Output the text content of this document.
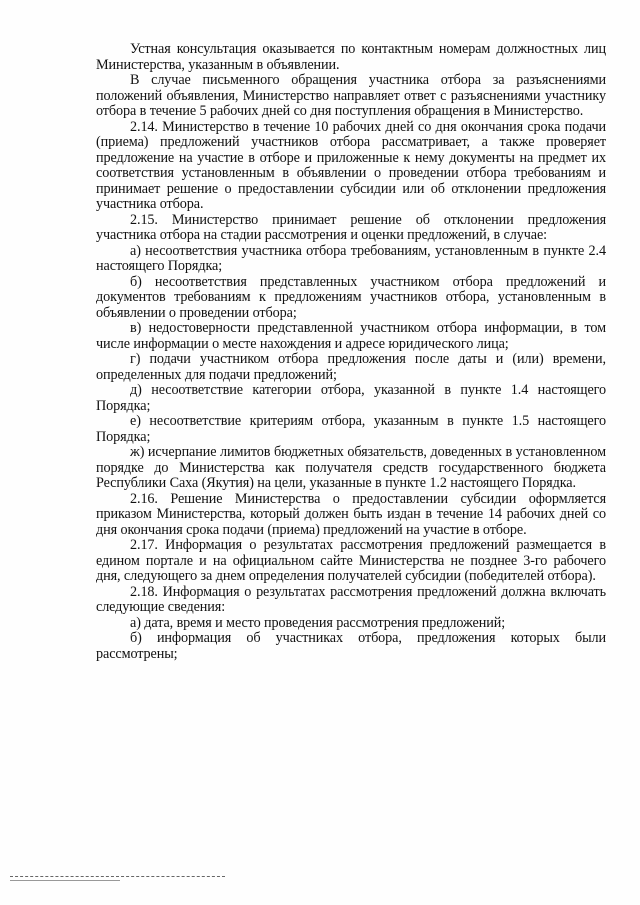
Устная консультация оказывается по контактным номерам должностных лиц Министерства, указанным в объявлении.

В случае письменного обращения участника отбора за разъяснениями положений объявления, Министерство направляет ответ с разъяснениями участнику отбора в течение 5 рабочих дней со дня поступления обращения в Министерство.

2.14. Министерство в течение 10 рабочих дней со дня окончания срока подачи (приема) предложений участников отбора рассматривает, а также проверяет предложение на участие в отборе и приложенные к нему документы на предмет их соответствия установленным в объявлении о проведении отбора требованиям и принимает решение о предоставлении субсидии или об отклонении предложения участника отбора.

2.15. Министерство принимает решение об отклонении предложения участника отбора на стадии рассмотрения и оценки предложений, в случае:

а) несоответствия участника отбора требованиям, установленным в пункте 2.4 настоящего Порядка;

б) несоответствия представленных участником отбора предложений и документов требованиям к предложениям участников отбора, установленным в объявлении о проведении отбора;

в) недостоверности представленной участником отбора информации, в том числе информации о месте нахождения и адресе юридического лица;

г) подачи участником отбора предложения после даты и (или) времени, определенных для подачи предложений;

д) несоответствие категории отбора, указанной в пункте 1.4 настоящего Порядка;

е) несоответствие критериям отбора, указанным в пункте 1.5 настоящего Порядка;

ж) исчерпание лимитов бюджетных обязательств, доведенных в установленном порядке до Министерства как получателя средств государственного бюджета Республики Саха (Якутия) на цели, указанные в пункте 1.2 настоящего Порядка.

2.16. Решение Министерства о предоставлении субсидии оформляется приказом Министерства, который должен быть издан в течение 14 рабочих дней со дня окончания срока подачи (приема) предложений на участие в отборе.

2.17. Информация о результатах рассмотрения предложений размещается в едином портале и на официальном сайте Министерства не позднее 3-го рабочего дня, следующего за днем определения получателей субсидии (победителей отбора).

2.18. Информация о результатах рассмотрения предложений должна включать следующие сведения:

а) дата, время и место проведения рассмотрения предложений;

б) информация об участниках отбора, предложения которых были рассмотрены;
